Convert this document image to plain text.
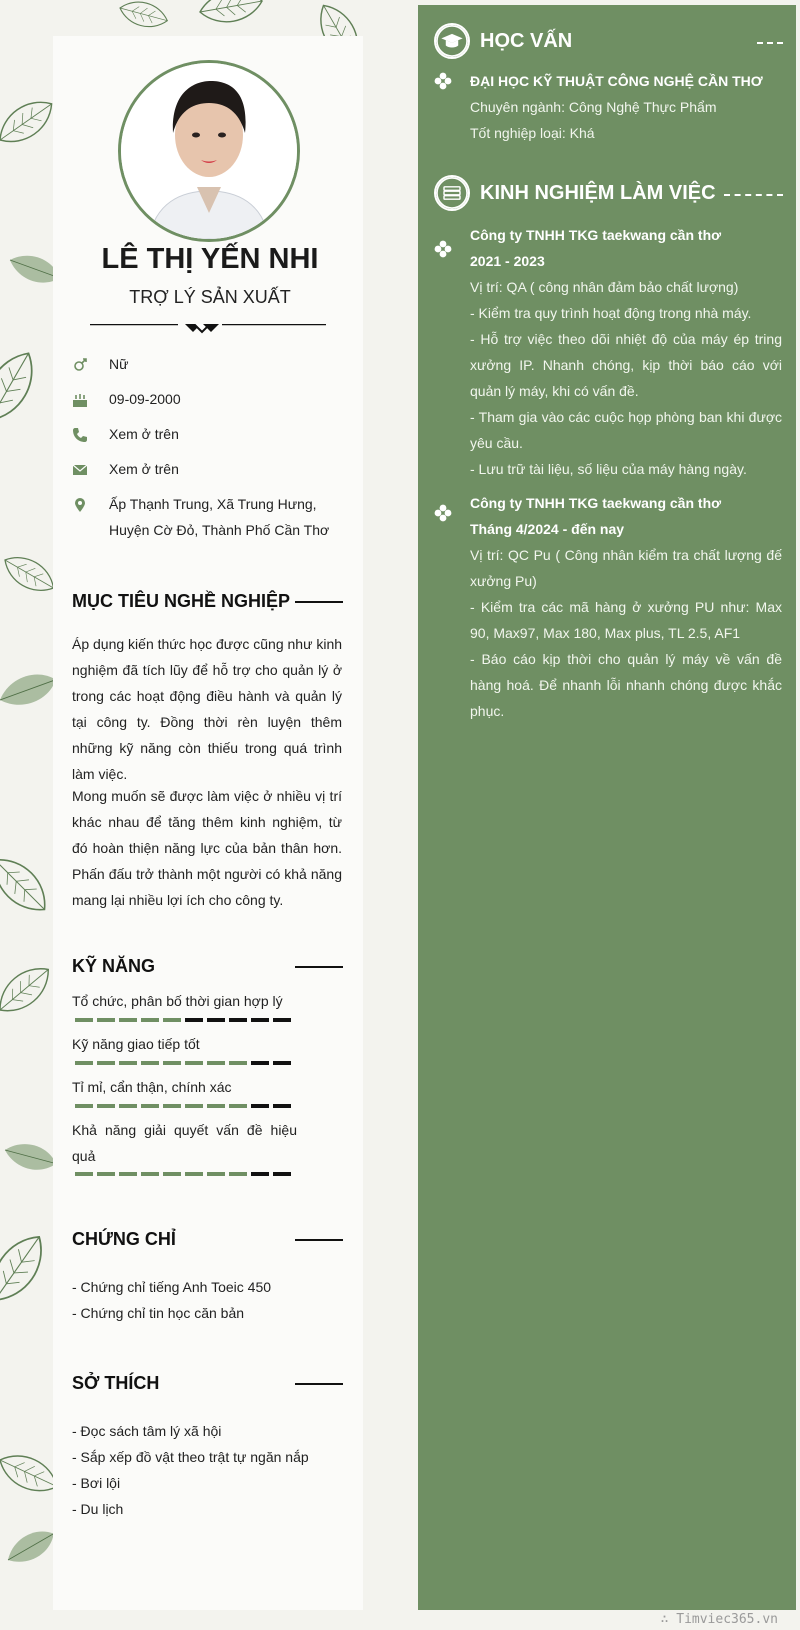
LÊ THỊ YẾN NHI
TRỢ LÝ SẢN XUẤT
Nữ
09-09-2000
Xem ở trên
Xem ở trên
Ấp Thạnh Trung, Xã Trung Hưng, Huyện Cờ Đỏ, Thành Phố Cần Thơ
MỤC TIÊU NGHỀ NGHIỆP
Áp dụng kiến thức học được cũng như kinh nghiệm đã tích lũy để hỗ trợ cho quản lý ở trong các hoạt động điều hành và quản lý tại công ty. Đồng thời rèn luyện thêm những kỹ năng còn thiếu trong quá trình làm việc.
Mong muốn sẽ được làm việc ở nhiều vị trí khác nhau để tăng thêm kinh nghiệm, từ đó hoàn thiện năng lực của bản thân hơn. Phấn đấu trở thành một người có khả năng mang lại nhiều lợi ích cho công ty.
KỸ NĂNG
Tổ chức, phân bố thời gian hợp lý
Kỹ năng giao tiếp tốt
Tỉ mỉ, cẩn thận, chính xác
Khả năng giải quyết vấn đề hiệu quả
CHỨNG CHỈ
- Chứng chỉ tiếng Anh Toeic 450
- Chứng chỉ tin học căn bản
SỞ THÍCH
- Đọc sách tâm lý xã hội
- Sắp xếp đồ vật theo trật tự ngăn nắp
- Bơi lội
- Du lịch
HỌC VẤN
ĐẠI HỌC KỸ THUẬT CÔNG NGHỆ CẦN THƠ
Chuyên ngành: Công Nghệ Thực Phẩm
Tốt nghiệp loại: Khá
KINH NGHIỆM LÀM VIỆC
Công ty TNHH TKG taekwang cần thơ
2021 - 2023
Vị trí: QA ( công nhân đảm bảo chất lượng)
- Kiểm tra quy trình hoạt động trong nhà máy.
- Hỗ trợ việc theo dõi nhiệt độ của máy ép tring xưởng IP. Nhanh chóng, kịp thời báo cáo với quản lý máy, khi có vấn đề.
- Tham gia vào các cuộc họp phòng ban khi được yêu cầu.
- Lưu trữ tài liệu, số liệu của máy hàng ngày.
Công ty TNHH TKG taekwang cần thơ
Tháng 4/2024 - đến nay
Vị trí: QC Pu ( Công nhân kiểm tra chất lượng đế xưởng Pu)
- Kiểm tra các mã hàng ở xưởng PU như: Max 90, Max97, Max 180, Max plus, TL 2.5, AF1
- Báo cáo kịp thời cho quản lý máy về vấn đề hàng hoá. Để nhanh lỗi nhanh chóng được khắc phục.
∴ Timviec365.vn
